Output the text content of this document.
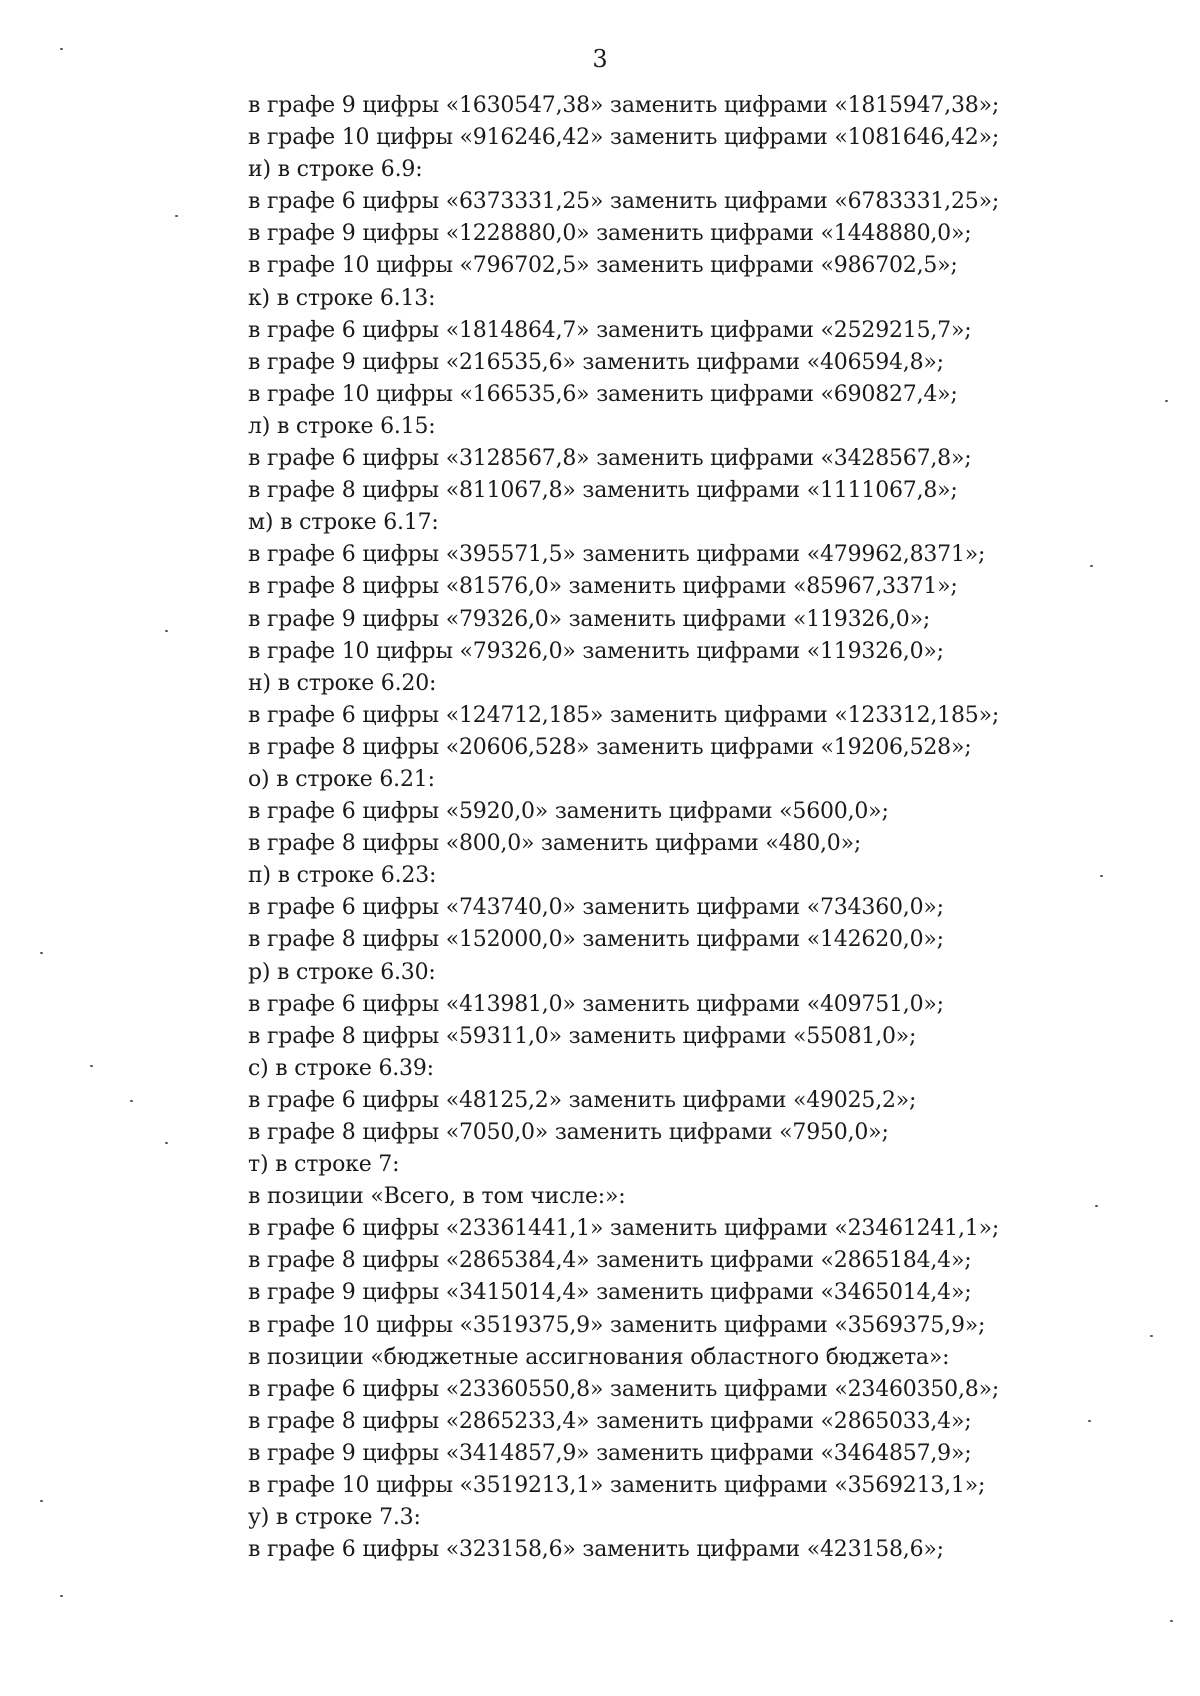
3
в графе 9 цифры «1630547,38» заменить цифрами «1815947,38»;
в графе 10 цифры «916246,42» заменить цифрами «1081646,42»;
и) в строке 6.9:
в графе 6 цифры «6373331,25» заменить цифрами «6783331,25»;
в графе 9 цифры «1228880,0» заменить цифрами «1448880,0»;
в графе 10 цифры «796702,5» заменить цифрами «986702,5»;
к) в строке 6.13:
в графе 6 цифры «1814864,7» заменить цифрами «2529215,7»;
в графе 9 цифры «216535,6» заменить цифрами «406594,8»;
в графе 10 цифры «166535,6» заменить цифрами «690827,4»;
л) в строке 6.15:
в графе 6 цифры «3128567,8» заменить цифрами «3428567,8»;
в графе 8 цифры «811067,8» заменить цифрами «1111067,8»;
м) в строке 6.17:
в графе 6 цифры «395571,5» заменить цифрами «479962,8371»;
в графе 8 цифры «81576,0» заменить цифрами «85967,3371»;
в графе 9 цифры «79326,0» заменить цифрами «119326,0»;
в графе 10 цифры «79326,0» заменить цифрами «119326,0»;
н) в строке 6.20:
в графе 6 цифры «124712,185» заменить цифрами «123312,185»;
в графе 8 цифры «20606,528» заменить цифрами «19206,528»;
о) в строке 6.21:
в графе 6 цифры «5920,0» заменить цифрами «5600,0»;
в графе 8 цифры «800,0» заменить цифрами «480,0»;
п) в строке 6.23:
в графе 6 цифры «743740,0» заменить цифрами «734360,0»;
в графе 8 цифры «152000,0» заменить цифрами «142620,0»;
р) в строке 6.30:
в графе 6 цифры «413981,0» заменить цифрами «409751,0»;
в графе 8 цифры «59311,0» заменить цифрами «55081,0»;
с) в строке 6.39:
в графе 6 цифры «48125,2» заменить цифрами «49025,2»;
в графе 8 цифры «7050,0» заменить цифрами «7950,0»;
т) в строке 7:
в позиции «Всего, в том числе:»:
в графе 6 цифры «23361441,1» заменить цифрами «23461241,1»;
в графе 8 цифры «2865384,4» заменить цифрами «2865184,4»;
в графе 9 цифры «3415014,4» заменить цифрами «3465014,4»;
в графе 10 цифры «3519375,9» заменить цифрами «3569375,9»;
в позиции «бюджетные ассигнования областного бюджета»:
в графе 6 цифры «23360550,8» заменить цифрами «23460350,8»;
в графе 8 цифры «2865233,4» заменить цифрами «2865033,4»;
в графе 9 цифры «3414857,9» заменить цифрами «3464857,9»;
в графе 10 цифры «3519213,1» заменить цифрами «3569213,1»;
у) в строке 7.3:
в графе 6 цифры «323158,6» заменить цифрами «423158,6»;
